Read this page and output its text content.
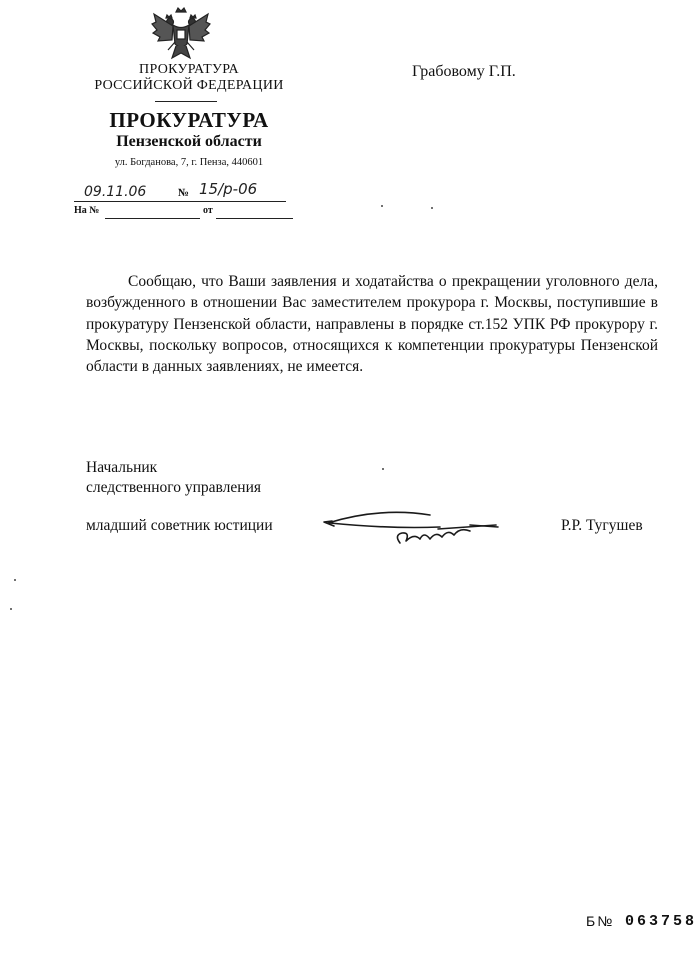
ПРОКУРАТУРА
РОССИЙСКОЙ ФЕДЕРАЦИИ
ПРОКУРАТУРА
Пензенской области
ул. Богданова, 7, г. Пенза, 440601
09.11.06	№ 15/р-06
На №	от
Грабовому Г.П.
Сообщаю, что Ваши заявления и ходатайства о прекращении уголовного дела, возбужденного в отношении Вас заместителем прокурора г. Москвы, поступившие в прокуратуру Пензенской области, направлены в порядке ст.152 УПК РФ прокурору г. Москвы, поскольку вопросов, относящихся к компетенции прокуратуры Пензенской области в данных заявлениях, не имеется.
Начальник
следственного управления
младший советник юстиции	Р.Р. Тугушев
Б№ 063758
